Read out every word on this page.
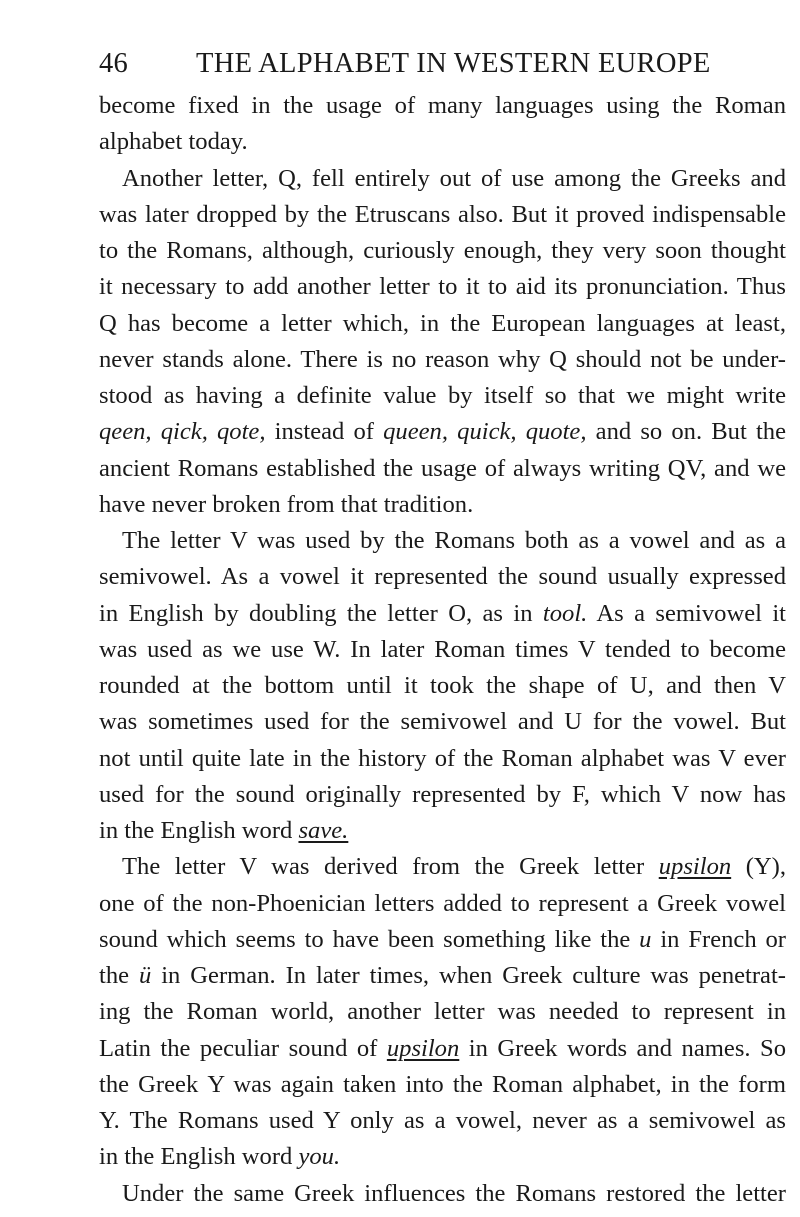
46	THE ALPHABET IN WESTERN EUROPE
become fixed in the usage of many languages using the Roman
alphabet today.
Another letter, Q, fell entirely out of use among the Greeks and
was later dropped by the Etruscans also. But it proved indispensable
to the Romans, although, curiously enough, they very soon thought
it necessary to add another letter to it to aid its pronunciation. Thus
Q has become a letter which, in the European languages at least,
never stands alone. There is no reason why Q should not be under-
stood as having a definite value by itself so that we might write
qeen, qick, qote, instead of queen, quick, quote, and so on. But the
ancient Romans established the usage of always writing QV, and we
have never broken from that tradition.
The letter V was used by the Romans both as a vowel and as a
semivowel. As a vowel it represented the sound usually expressed
in English by doubling the letter O, as in tool. As a semivowel it
was used as we use W. In later Roman times V tended to become
rounded at the bottom until it took the shape of U, and then V
was sometimes used for the semivowel and U for the vowel. But
not until quite late in the history of the Roman alphabet was V ever
used for the sound originally represented by F, which V now has
in the English word save.
The letter V was derived from the Greek letter upsilon (Υ),
one of the non-Phoenician letters added to represent a Greek vowel
sound which seems to have been something like the u in French or
the ü in German. In later times, when Greek culture was penetrat-
ing the Roman world, another letter was needed to represent in
Latin the peculiar sound of upsilon in Greek words and names. So
the Greek Υ was again taken into the Roman alphabet, in the form
Y. The Romans used Y only as a vowel, never as a semivowel as
in the English word you.
Under the same Greek influences the Romans restored the letter
